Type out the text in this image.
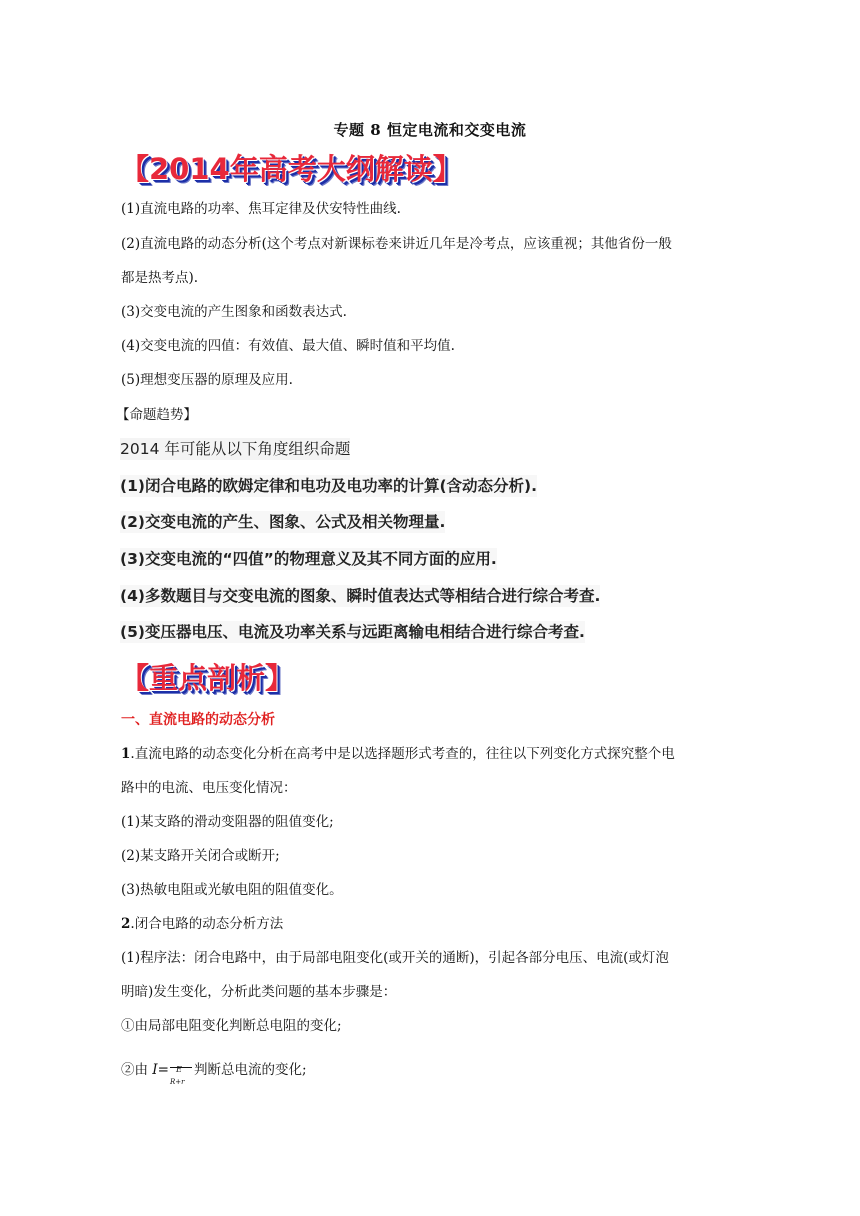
专题 8 恒定电流和交变电流
【2014年高考大纲解读】
(1)直流电路的功率、焦耳定律及伏安特性曲线.
(2)直流电路的动态分析(这个考点对新课标卷来讲近几年是冷考点，应该重视；其他省份一般
都是热考点).
(3)交变电流的产生图象和函数表达式.
(4)交变电流的四值：有效值、最大值、瞬时值和平均值.
(5)理想变压器的原理及应用.
【命题趋势】
2014 年可能从以下角度组织命题
(1)闭合电路的欧姆定律和电功及电功率的计算(含动态分析).
(2)交变电流的产生、图象、公式及相关物理量.
(3)交变电流的“四值”的物理意义及其不同方面的应用.
(4)多数题目与交变电流的图象、瞬时值表达式等相结合进行综合考查.
(5)变压器电压、电流及功率关系与远距离输电相结合进行综合考查.
【重点剖析】
一、直流电路的动态分析
1.直流电路的动态变化分析在高考中是以选择题形式考查的，往往以下列变化方式探究整个电
路中的电流、电压变化情况：
(1)某支路的滑动变阻器的阻值变化;
(2)某支路开关闭合或断开;
(3)热敏电阻或光敏电阻的阻值变化。
2.闭合电路的动态分析方法
(1)程序法：闭合电路中，由于局部电阻变化(或开关的通断)，引起各部分电压、电流(或灯泡
明暗)发生变化，分析此类问题的基本步骤是：
①由局部电阻变化判断总电阻的变化;
②由 I= E
R+r
判断总电流的变化;
